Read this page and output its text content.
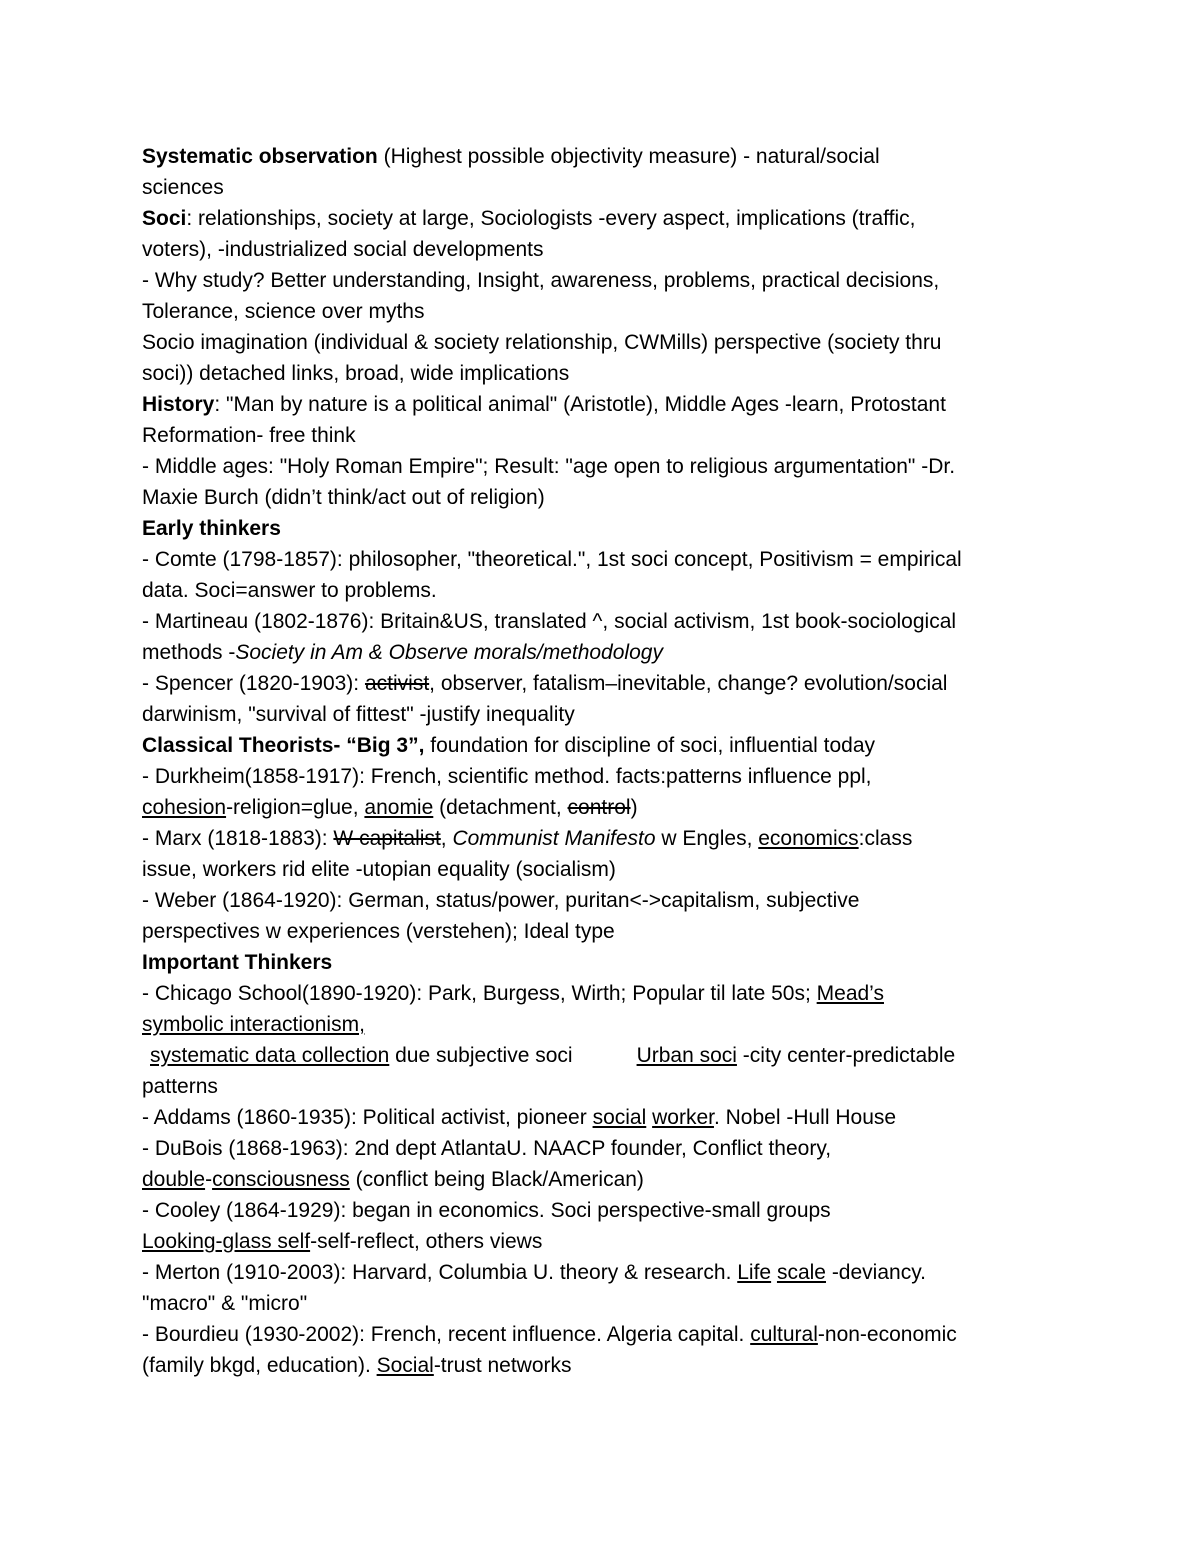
Systematic observation (Highest possible objectivity measure) - natural/social

sciences

Soci: relationships, society at large, Sociologists -every aspect, implications (traffic,

voters), -industrialized social developments

- Why study? Better understanding, Insight, awareness, problems, practical decisions,

Tolerance, science over myths

Socio imagination (individual & society relationship, CWMills) perspective (society thru

soci)) detached links, broad, wide implications

History: "Man by nature is a political animal" (Aristotle), Middle Ages -learn, Protostant

Reformation- free think

- Middle ages: "Holy Roman Empire"; Result: "age open to religious argumentation" -Dr.

Maxie Burch (didn’t think/act out of religion)

Early thinkers

- Comte (1798-1857): philosopher, "theoretical.", 1st soci concept, Positivism = empirical

data. Soci=answer to problems.

- Martineau (1802-1876): Britain&US, translated ^, social activism, 1st book-sociological

methods -Society in Am & Observe morals/methodology

- Spencer (1820-1903): activist, observer, fatalism–inevitable, change? evolution/social

darwinism, "survival of fittest" -justify inequality

Classical Theorists- “Big 3”, foundation for discipline of soci, influential today

- Durkheim(1858-1917): French, scientific method. facts:patterns influence ppl,

cohesion-religion=glue, anomie (detachment, control)

- Marx (1818-1883): W capitalist, Communist Manifesto w Engles, economics:class

issue, workers rid elite -utopian equality (socialism)

- Weber (1864-1920): German, status/power, puritan<->capitalism, subjective

perspectives w experiences (verstehen); Ideal type

Important Thinkers

- Chicago School(1890-1920): Park, Burgess, Wirth; Popular til late 50s; Mead’s

symbolic interactionism,

systematic data collection due subjective soci	Urban soci -city center-predictable

patterns

- Addams (1860-1935): Political activist, pioneer social worker. Nobel -Hull House

- DuBois (1868-1963): 2nd dept AtlantaU. NAACP founder, Conflict theory,

double-consciousness (conflict being Black/American)

- Cooley (1864-1929): began in economics. Soci perspective-small groups

Looking-glass self-self-reflect, others views

- Merton (1910-2003): Harvard, Columbia U. theory & research. Life scale -deviancy.

"macro" & "micro"

- Bourdieu (1930-2002): French, recent influence. Algeria capital. cultural-non-economic

(family bkgd, education). Social-trust networks
